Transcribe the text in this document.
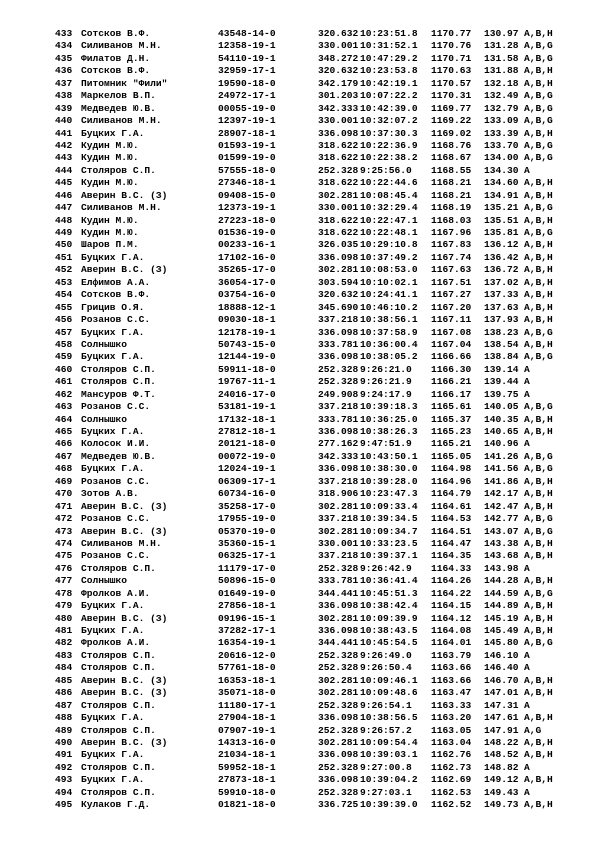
433 Сотсков В.Ф.	43548-14-0	320.632 10:23:51.8 1170.77 130.97 A,B,H
434 Силиванов М.Н.	12358-19-1	330.001 10:31:52.1 1170.76 131.28 A,B,G
435 Филатов Д.Н.	54110-19-1	348.272 10:47:29.2 1170.71 131.58 A,B,G
436 Сотсков В.Ф.	32959-17-1	320.632 10:23:53.8 1170.63 131.88 A,B,H
437 Питомник "Фили"	19590-18-0	342.179 10:42:19.1 1170.57 132.18 A,B,H
438 Маркелов В.П.	24972-17-1	301.203 10:07:22.2 1170.31 132.49 A,B,G
439 Медведев Ю.В.	00055-19-0	342.333 10:42:39.0 1169.77 132.79 A,B,G
440 Силиванов М.Н.	12397-19-1	330.001 10:32:07.2 1169.22 133.09 A,B,G
441 Буцких Г.А.	28907-18-1	336.098 10:37:30.3 1169.02 133.39 A,B,H
442 Кудин М.Ю.	01593-19-1	318.622 10:22:36.9 1168.76 133.70 A,B,G
443 Кудин М.Ю.	01599-19-0	318.622 10:22:38.2 1168.67 134.00 A,B,G
444 Столяров С.П.	57555-18-0	252.328 9:25:56.0 1168.55 134.30 A
445 Кудин М.Ю.	27346-18-1	318.622 10:22:44.6 1168.21 134.60 A,B,H
446 Аверин В.С. (З)	09408-15-0	302.281 10:08:45.4 1168.21 134.91 A,B,H
447 Силиванов М.Н.	12373-19-1	330.001 10:32:29.4 1168.19 135.21 A,B,G
448 Кудин М.Ю.	27223-18-0	318.622 10:22:47.1 1168.03 135.51 A,B,H
449 Кудин М.Ю.	01536-19-0	318.622 10:22:48.1 1167.96 135.81 A,B,G
450 Шаров П.М.	00233-16-1	326.035 10:29:10.8 1167.83 136.12 A,B,H
451 Буцких Г.А.	17102-16-0	336.098 10:37:49.2 1167.74 136.42 A,B,H
452 Аверин В.С. (З)	35265-17-0	302.281 10:08:53.0 1167.63 136.72 A,B,H
453 Елфимов А.А.	36054-17-0	303.594 10:10:02.1 1167.51 137.02 A,B,H
454 Сотсков В.Ф.	03754-16-0	320.632 10:24:41.1 1167.27 137.33 A,B,H
455 Грицив О.Я.	18888-12-1	345.690 10:46:10.2 1167.20 137.63 A,B,H
456 Розанов С.С.	09030-18-1	337.218 10:38:56.1 1167.11 137.93 A,B,H
457 Буцких Г.А.	12178-19-1	336.098 10:37:58.9 1167.08 138.23 A,B,G
458 Солнышко	50743-15-0	333.781 10:36:00.4 1167.04 138.54 A,B,H
459 Буцких Г.А.	12144-19-0	336.098 10:38:05.2 1166.66 138.84 A,B,G
460 Столяров С.П.	59911-18-0	252.328 9:26:21.0 1166.30 139.14 A
461 Столяров С.П.	19767-11-1	252.328 9:26:21.9 1166.21 139.44 A
462 Мансуров Ф.Т.	24016-17-0	249.908 9:24:17.9 1166.17 139.75 A
463 Розанов С.С.	53181-19-1	337.218 10:39:18.3 1165.61 140.05 A,B,G
464 Солнышко	17132-18-1	333.781 10:36:25.0 1165.37 140.35 A,B,H
465 Буцких Г.А.	27812-18-1	336.098 10:38:26.3 1165.23 140.65 A,B,H
466 Колосок И.И.	20121-18-0	277.162 9:47:51.9 1165.21 140.96 A
467 Медведев Ю.В.	00072-19-0	342.333 10:43:50.1 1165.05 141.26 A,B,G
468 Буцких Г.А.	12024-19-1	336.098 10:38:30.0 1164.98 141.56 A,B,G
469 Розанов С.С.	06309-17-1	337.218 10:39:28.0 1164.96 141.86 A,B,H
470 Зотов А.В.	60734-16-0	318.906 10:23:47.3 1164.79 142.17 A,B,H
471 Аверин В.С. (З)	35258-17-0	302.281 10:09:33.4 1164.61 142.47 A,B,H
472 Розанов С.С.	17955-19-0	337.218 10:39:34.5 1164.53 142.77 A,B,G
473 Аверин В.С. (З)	05370-19-0	302.281 10:09:34.7 1164.51 143.07 A,B,G
474 Силиванов М.Н.	35360-15-1	330.001 10:33:23.5 1164.47 143.38 A,B,H
475 Розанов С.С.	06325-17-1	337.218 10:39:37.1 1164.35 143.68 A,B,H
476 Столяров С.П.	11179-17-0	252.328 9:26:42.9 1164.33 143.98 A
477 Солнышко	50896-15-0	333.781 10:36:41.4 1164.26 144.28 A,B,H
478 Фролков А.И.	01649-19-0	344.441 10:45:51.3 1164.22 144.59 A,B,G
479 Буцких Г.А.	27856-18-1	336.098 10:38:42.4 1164.15 144.89 A,B,H
480 Аверин В.С. (З)	09196-15-1	302.281 10:09:39.9 1164.12 145.19 A,B,H
481 Буцких Г.А.	37282-17-1	336.098 10:38:43.5 1164.08 145.49 A,B,H
482 Фролков А.И.	16354-19-1	344.441 10:45:54.5 1164.01 145.80 A,B,G
483 Столяров С.П.	20616-12-0	252.328 9:26:49.0 1163.79 146.10 A
484 Столяров С.П.	57761-18-0	252.328 9:26:50.4 1163.66 146.40 A
485 Аверин В.С. (З)	16353-18-1	302.281 10:09:46.1 1163.66 146.70 A,B,H
486 Аверин В.С. (З)	35071-18-0	302.281 10:09:48.6 1163.47 147.01 A,B,H
487 Столяров С.П.	11180-17-1	252.328 9:26:54.1 1163.33 147.31 A
488 Буцких Г.А.	27904-18-1	336.098 10:38:56.5 1163.20 147.61 A,B,H
489 Столяров С.П.	07907-19-1	252.328 9:26:57.2 1163.05 147.91 A,G
490 Аверин В.С. (З)	14313-16-0	302.281 10:09:54.4 1163.04 148.22 A,B,H
491 Буцких Г.А.	21034-18-1	336.098 10:39:03.1 1162.76 148.52 A,B,H
492 Столяров С.П.	59952-18-1	252.328 9:27:00.8 1162.73 148.82 A
493 Буцких Г.А.	27873-18-1	336.098 10:39:04.2 1162.69 149.12 A,B,H
494 Столяров С.П.	59910-18-0	252.328 9:27:03.1 1162.53 149.43 A
495 Кулаков Г.Д.	01821-18-0	336.725 10:39:39.0 1162.52 149.73 A,B,H
